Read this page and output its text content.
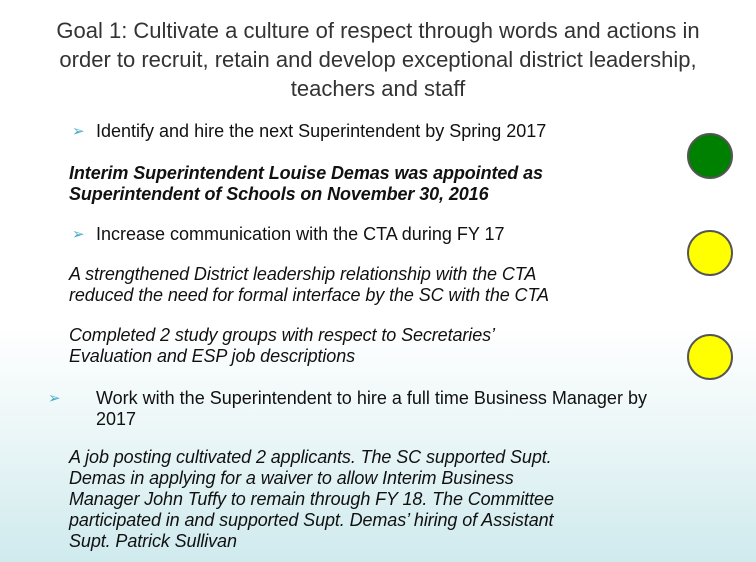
Goal 1: Cultivate a culture of respect through words and actions in order to recruit, retain and develop exceptional district leadership, teachers and staff
➢ Identify and hire the next Superintendent by Spring 2017
Interim Superintendent Louise Demas was appointed as
Superintendent of Schools on November 30, 2016
➢ Increase communication with the CTA during FY 17
A strengthened District leadership relationship with the CTA
reduced the need for formal interface by the SC with the CTA
Completed 2 study groups with respect to Secretaries’
Evaluation and ESP job descriptions
➢ Work with the Superintendent to hire a full time Business Manager by 2017
A job posting cultivated 2 applicants. The SC supported Supt.
Demas in applying for a waiver to allow Interim Business
Manager John Tuffy to remain through FY 18. The Committee
participated in and supported Supt. Demas’ hiring of Assistant
Supt. Patrick Sullivan
